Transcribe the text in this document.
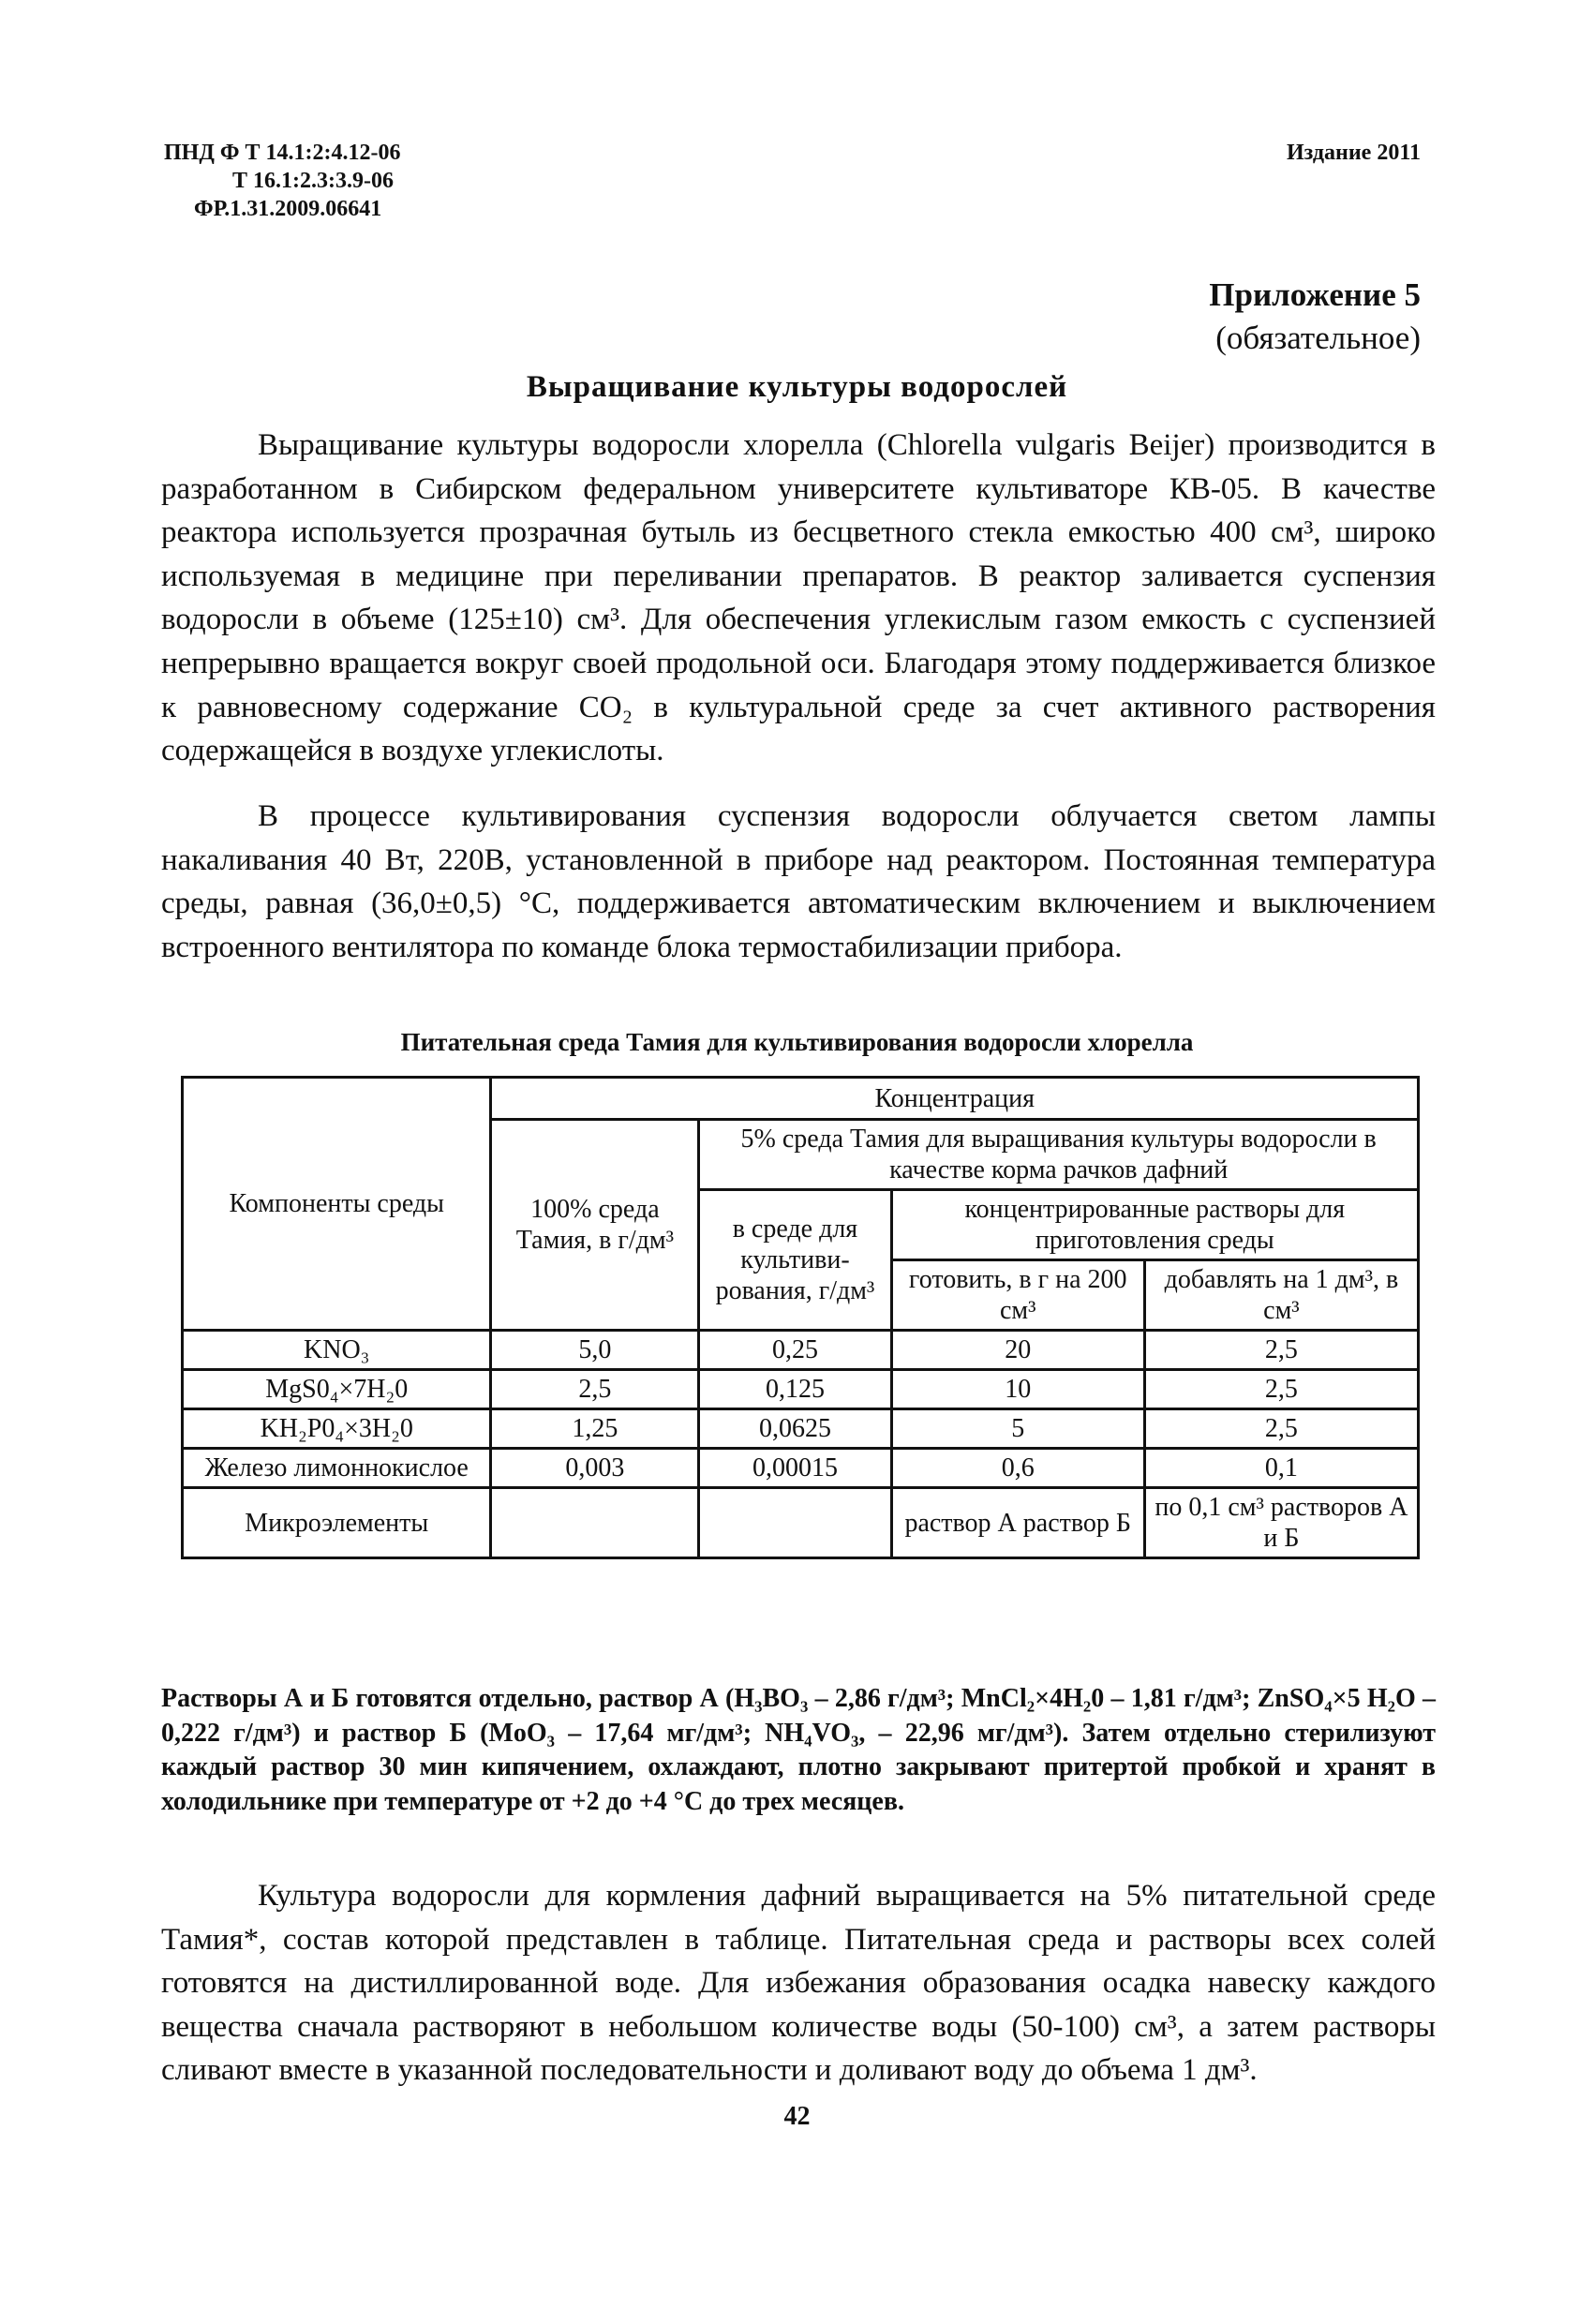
ПНД Ф Т 14.1:2:4.12-06
Т 16.1:2.3:3.9-06
ФР.1.31.2009.06641
Издание 2011
Приложение 5
(обязательное)
Выращивание культуры водорослей

Выращивание культуры водоросли хлорелла (Chlorella vulgaris Beijer) производится в разработанном в Сибирском федеральном университете культиваторе КВ-05. В качестве реактора используется прозрачная бутыль из бесцветного стекла емкостью 400 см³, широко используемая в медицине при переливании препаратов. В реактор заливается суспензия водоросли в объеме (125±10) см³. Для обеспечения углекислым газом емкость с суспензией непрерывно вращается вокруг своей продольной оси. Благодаря этому поддерживается близкое к равновесному содержание СО₂ в культуральной среде за счет активного растворения содержащейся в воздухе углекислоты.

В процессе культивирования суспензия водоросли облучается светом лампы накаливания 40 Вт, 220В, установленной в приборе над реактором. Постоянная температура среды, равная (36,0±0,5) °С, поддерживается автоматическим включением и выключением встроенного вентилятора по команде блока термостабилизации прибора.

Питательная среда Тамия для культивирования водоросли хлорелла
Компоненты среды	Концентрация			
	100% среда Тамия, в г/дм³	5% среда Тамия для выращивания культуры водоросли в качестве корма рачков дафний		
		в среде для культиви-рования, г/дм³	концентрированные растворы для приготовления среды	
			готовить, в г на 200 см³	добавлять на 1 дм³, в см³
KNO₃	5,0	0,25	20	2,5
MgS0₄×7H₂0	2,5	0,125	10	2,5
KH₂P0₄×3H₂0	1,25	0,0625	5	2,5
Железо лимоннокислое	0,003	0,00015	0,6	0,1
Микроэлементы			раствор А раствор Б	по 0,1 см³ растворов А и Б
Растворы А и Б готовятся отдельно, раствор А (H₃BO₃ – 2,86 г/дм³; MnCl₂×4H₂0 – 1,81 г/дм³; ZnSO₄×5 H₂O – 0,222 г/дм³) и раствор Б (MoO₃ – 17,64 мг/дм³; NH₄VO₃, – 22,96 мг/дм³). Затем отдельно стерилизуют каждый раствор 30 мин кипячением, охлаждают, плотно закрывают притертой пробкой и хранят в холодильнике при температуре от +2 до +4 °С до трех месяцев.

Культура водоросли для кормления дафний выращивается на 5% питательной среде Тамия*, состав которой представлен в таблице. Питательная среда и растворы всех солей готовятся на дистиллированной воде. Для избежания образования осадка навеску каждого вещества сначала растворяют в небольшом количестве воды (50-100) см³, а затем растворы сливают вместе в указанной последовательности и доливают воду до объема 1 дм³.

42
